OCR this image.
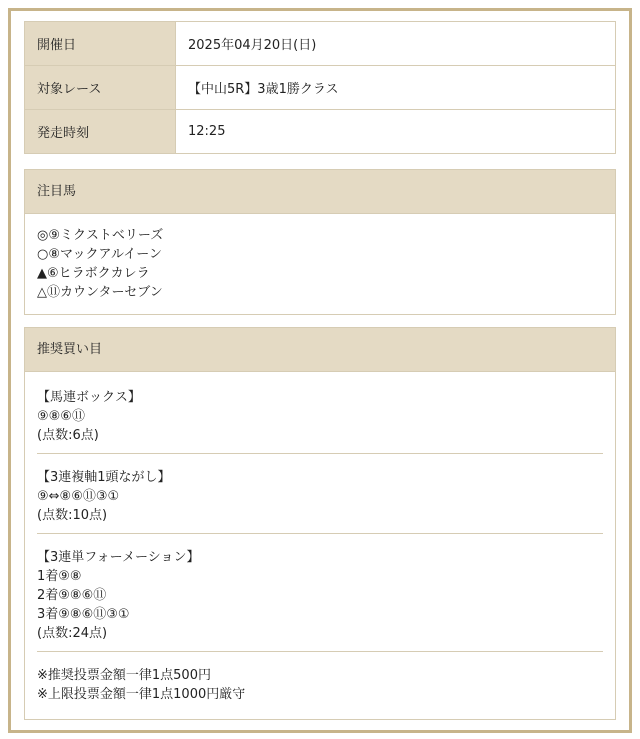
開催日	2025年04月20日(日)
対象レース	【中山5R】3歳1勝クラス
発走時刻	12:25
注目馬
◎⑨ミクストベリーズ
○⑧マックアルイーン
▲⑥ヒラボクカレラ
△⑪カウンターセブン
推奨買い目
【馬連ボックス】
⑨⑧⑥⑪
(点数:6点)
【3連複軸1頭ながし】
⑨⇔⑧⑥⑪③①
(点数:10点)
【3連単フォーメーション】
1着⑨⑧
2着⑨⑧⑥⑪
3着⑨⑧⑥⑪③①
(点数:24点)
※推奨投票金額一律1点500円
※上限投票金額一律1点1000円厳守
